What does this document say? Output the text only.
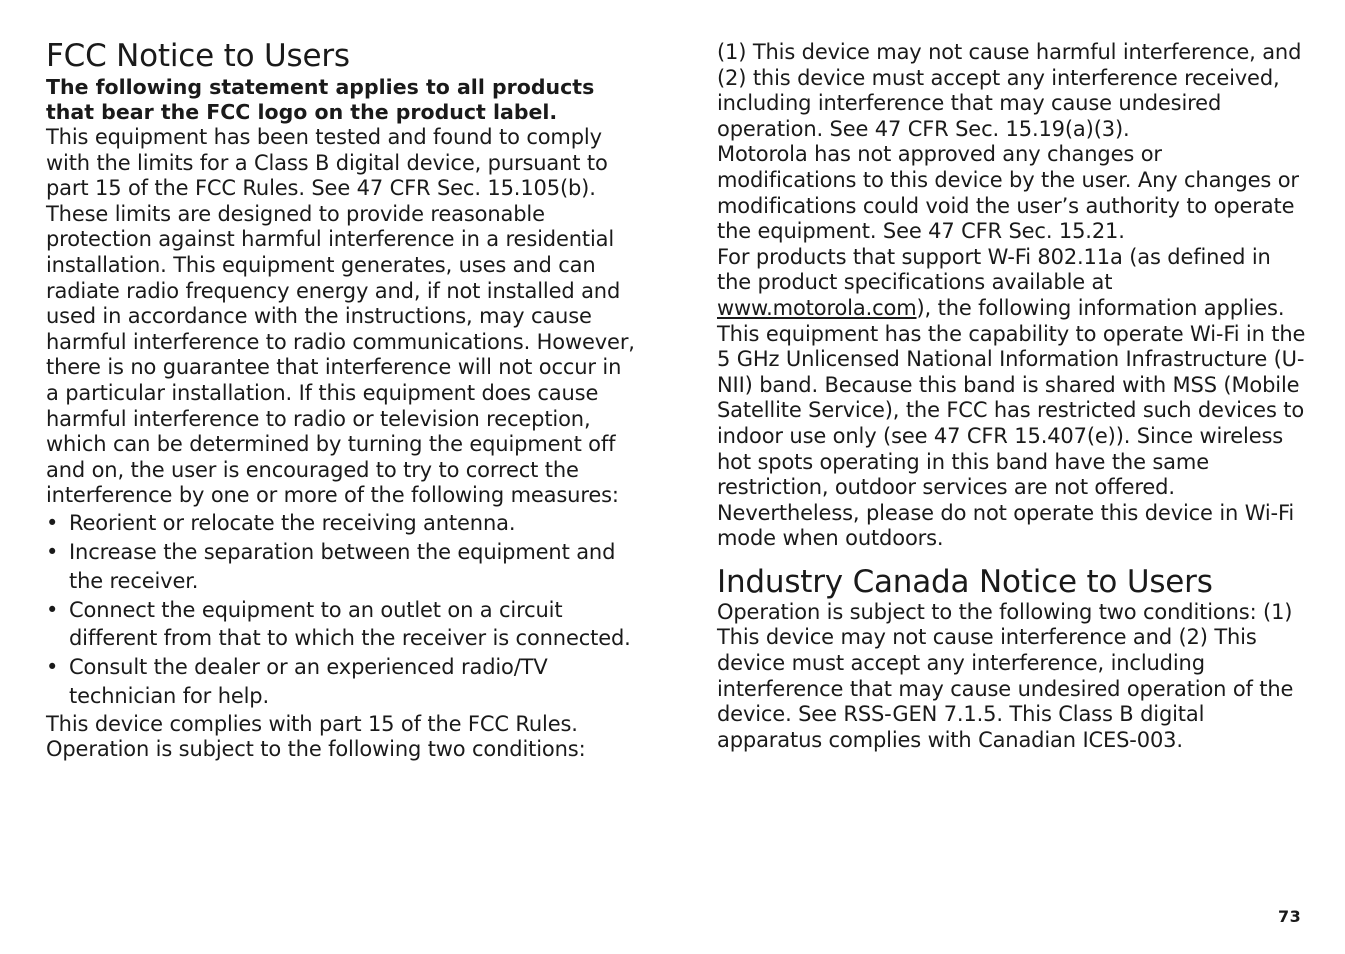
FCC Notice to Users
The following statement applies to all products that bear the FCC logo on the product label.

This equipment has been tested and found to comply with the limits for a Class B digital device, pursuant to part 15 of the FCC Rules. See 47 CFR Sec. 15.105(b). These limits are designed to provide reasonable protection against harmful interference in a residential installation. This equipment generates, uses and can radiate radio frequency energy and, if not installed and used in accordance with the instructions, may cause harmful interference to radio communications. However, there is no guarantee that interference will not occur in a particular installation. If this equipment does cause harmful interference to radio or television reception, which can be determined by turning the equipment off and on, the user is encouraged to try to correct the interference by one or more of the following measures:

• Reorient or relocate the receiving antenna.
• Increase the separation between the equipment and the receiver.
• Connect the equipment to an outlet on a circuit different from that to which the receiver is connected.
• Consult the dealer or an experienced radio/TV technician for help.

This device complies with part 15 of the FCC Rules. Operation is subject to the following two conditions:

(1) This device may not cause harmful interference, and (2) this device must accept any interference received, including interference that may cause undesired operation. See 47 CFR Sec. 15.19(a)(3).

Motorola has not approved any changes or modifications to this device by the user. Any changes or modifications could void the user’s authority to operate the equipment. See 47 CFR Sec. 15.21.

For products that support W-Fi 802.11a (as defined in the product specifications available at www.motorola.com), the following information applies. This equipment has the capability to operate Wi-Fi in the 5 GHz Unlicensed National Information Infrastructure (U-NII) band. Because this band is shared with MSS (Mobile Satellite Service), the FCC has restricted such devices to indoor use only (see 47 CFR 15.407(e)). Since wireless hot spots operating in this band have the same restriction, outdoor services are not offered. Nevertheless, please do not operate this device in Wi-Fi mode when outdoors.

Industry Canada Notice to Users

Operation is subject to the following two conditions: (1) This device may not cause interference and (2) This device must accept any interference, including interference that may cause undesired operation of the device. See RSS-GEN 7.1.5. This Class B digital apparatus complies with Canadian ICES-003.

73
